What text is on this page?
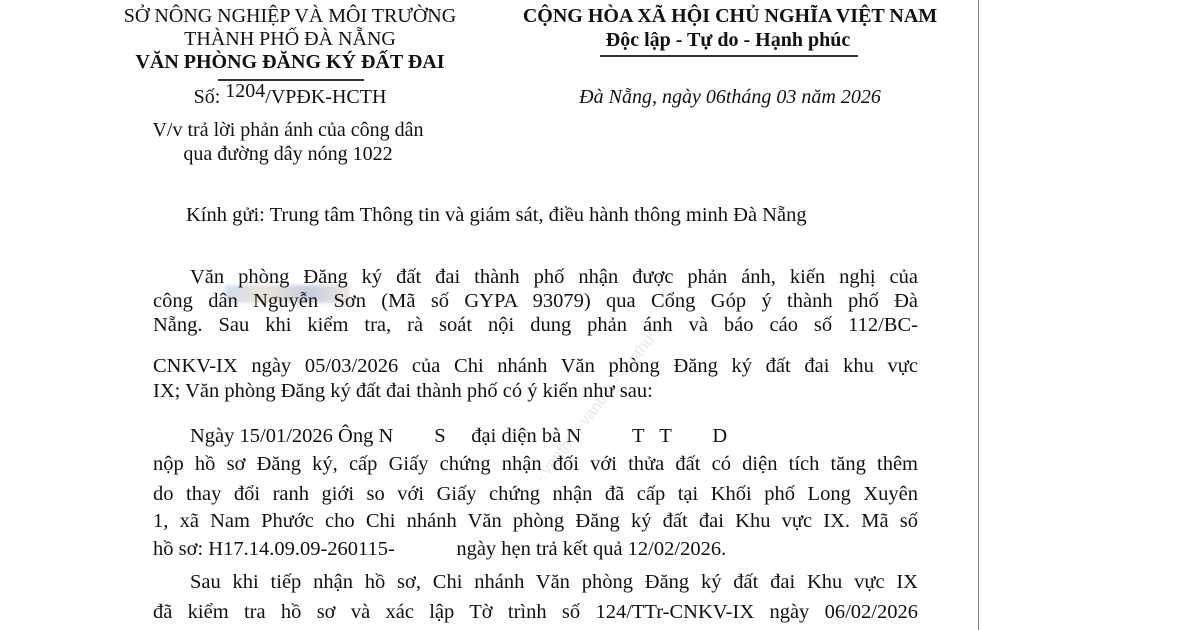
SỞ NÔNG NGHIỆP VÀ MÔI TRƯỜNG
THÀNH PHỐ ĐÀ NẴNG
VĂN PHÒNG ĐĂNG KÝ ĐẤT ĐAI
Số: 1204/VPĐK-HCTH
V/v trả lời phản ánh của công dân
qua đường dây nóng 1022
CỘNG HÒA XÃ HỘI CHỦ NGHĨA VIỆT NAM
Độc lập - Tự do - Hạnh phúc
Đà Nẵng, ngày 06tháng 03 năm 2026
Kính gửi: Trung tâm Thông tin và giám sát, điều hành thông minh Đà Nẵng
- vanthu - vanthu - vanthu -
Văn phòng Đăng ký đất đai thành phố nhận được phản ánh, kiến nghị của
công dân Nguyễn Sơn (Mã số GYPA 93079) qua Cổng Góp ý thành phố Đà
Nẵng. Sau khi kiểm tra, rà soát nội dung phản ánh và báo cáo số 112/BC-
CNKV-IX ngày 05/03/2026 của Chi nhánh Văn phòng Đăng ký đất đai khu vực
IX; Văn phòng Đăng ký đất đai thành phố có ý kiến như sau:
Ngày 15/01/2026 Ông N        S     đại diện bà N          T   T        D
nộp hồ sơ Đăng ký, cấp Giấy chứng nhận đối với thửa đất có diện tích tăng thêm
do thay đổi ranh giới so với Giấy chứng nhận đã cấp tại Khối phố Long Xuyên
1, xã Nam Phước cho Chi nhánh Văn phòng Đăng ký đất đai Khu vực IX. Mã số
hồ sơ: H17.14.09.09-260115-            ngày hẹn trả kết quả 12/02/2026.
Sau khi tiếp nhận hồ sơ, Chi nhánh Văn phòng Đăng ký đất đai Khu vực IX
đã kiểm tra hồ sơ và xác lập Tờ trình số 124/TTr-CNKV-IX ngày 06/02/2026
